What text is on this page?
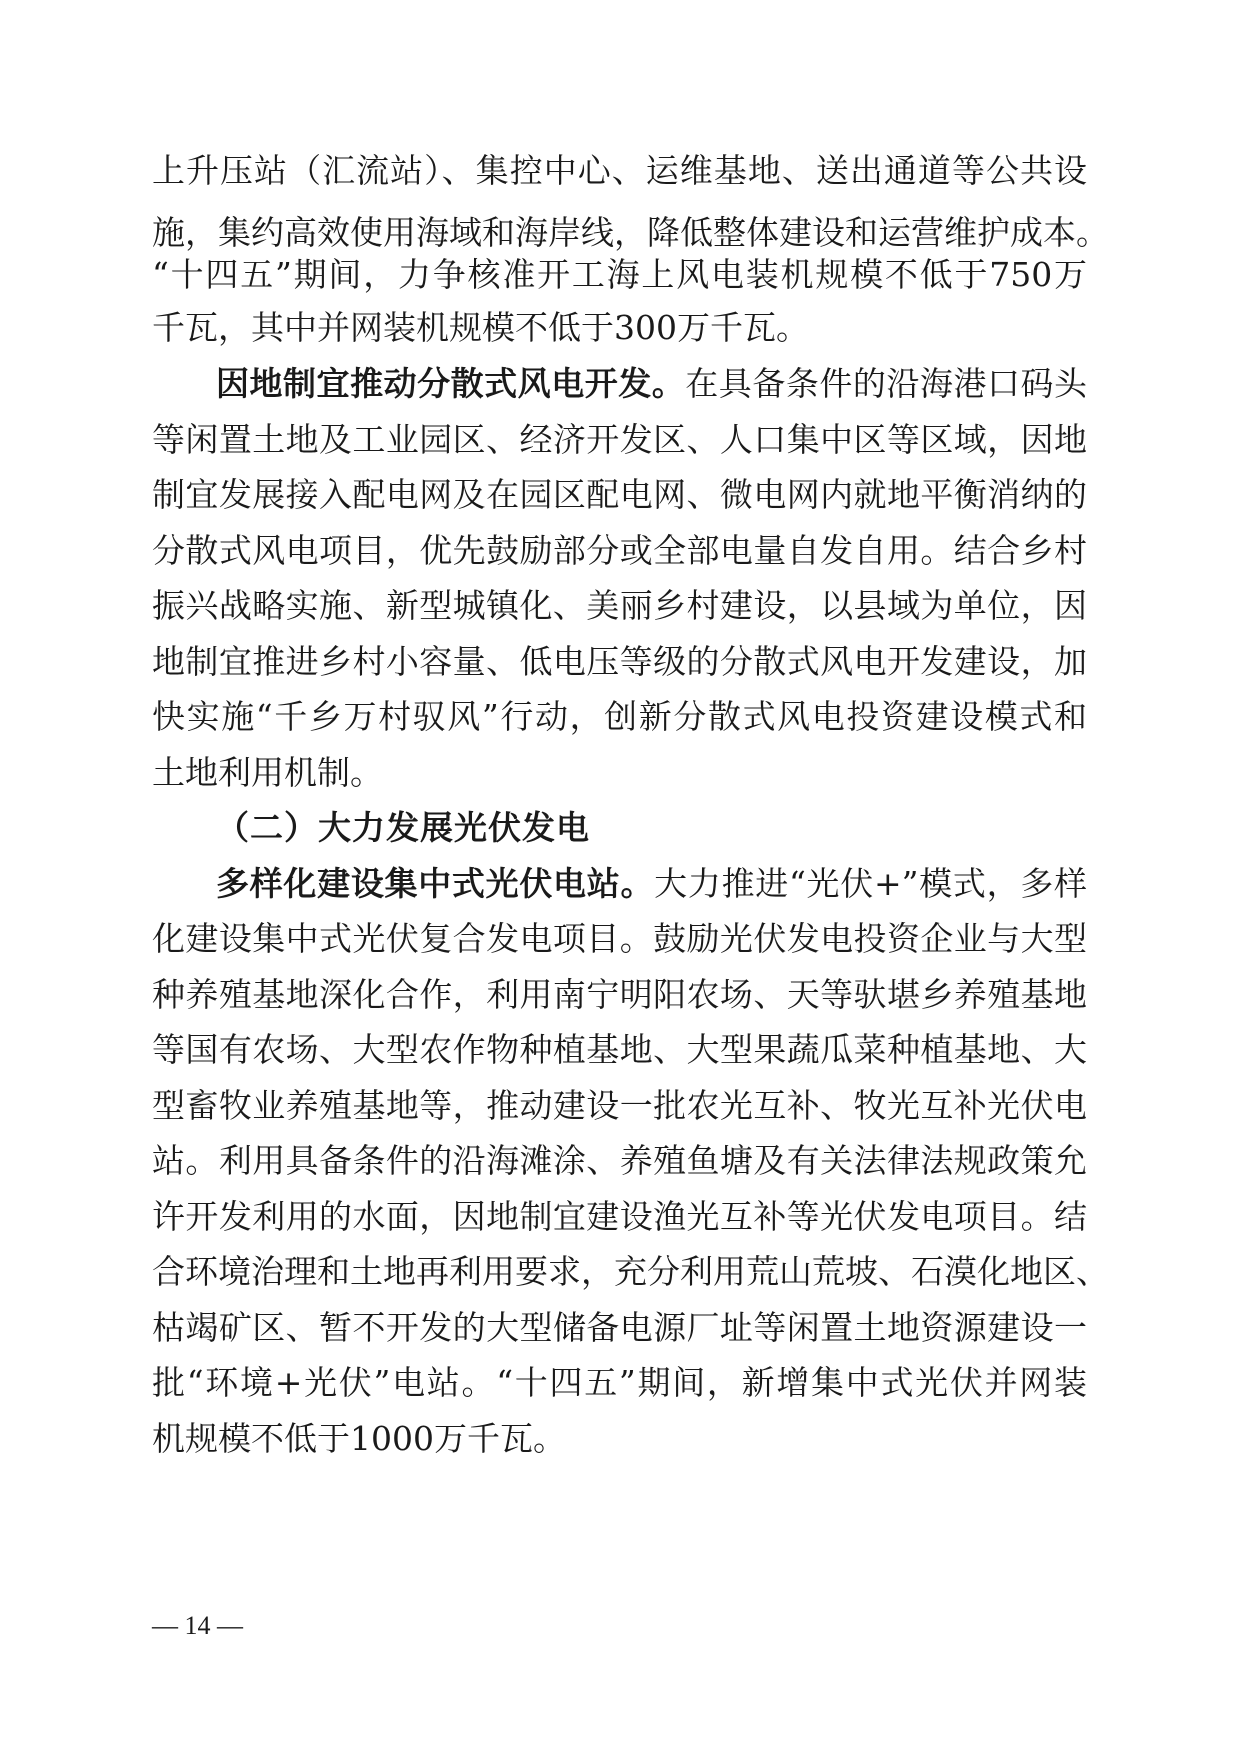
上升压站（汇流站）、集控中心、运维基地、送出通道等公共设
施，集约高效使用海域和海岸线，降低整体建设和运营维护成本。
“十四五”期间，力争核准开工海上风电装机规模不低于750万
千瓦，其中并网装机规模不低于300万千瓦。
因地制宜推动分散式风电开发。在具备条件的沿海港口码头
等闲置土地及工业园区、经济开发区、人口集中区等区域，因地
制宜发展接入配电网及在园区配电网、微电网内就地平衡消纳的
分散式风电项目，优先鼓励部分或全部电量自发自用。结合乡村
振兴战略实施、新型城镇化、美丽乡村建设，以县域为单位，因
地制宜推进乡村小容量、低电压等级的分散式风电开发建设，加
快实施“千乡万村驭风”行动，创新分散式风电投资建设模式和
土地利用机制。
（二）大力发展光伏发电
多样化建设集中式光伏电站。大力推进“光伏+”模式，多样
化建设集中式光伏复合发电项目。鼓励光伏发电投资企业与大型
种养殖基地深化合作，利用南宁明阳农场、天等驮堪乡养殖基地
等国有农场、大型农作物种植基地、大型果蔬瓜菜种植基地、大
型畜牧业养殖基地等，推动建设一批农光互补、牧光互补光伏电
站。利用具备条件的沿海滩涂、养殖鱼塘及有关法律法规政策允
许开发利用的水面，因地制宜建设渔光互补等光伏发电项目。结
合环境治理和土地再利用要求，充分利用荒山荒坡、石漠化地区、
枯竭矿区、暂不开发的大型储备电源厂址等闲置土地资源建设一
批“环境+光伏”电站。“十四五”期间，新增集中式光伏并网装
机规模不低于1000万千瓦。
— 14 —
